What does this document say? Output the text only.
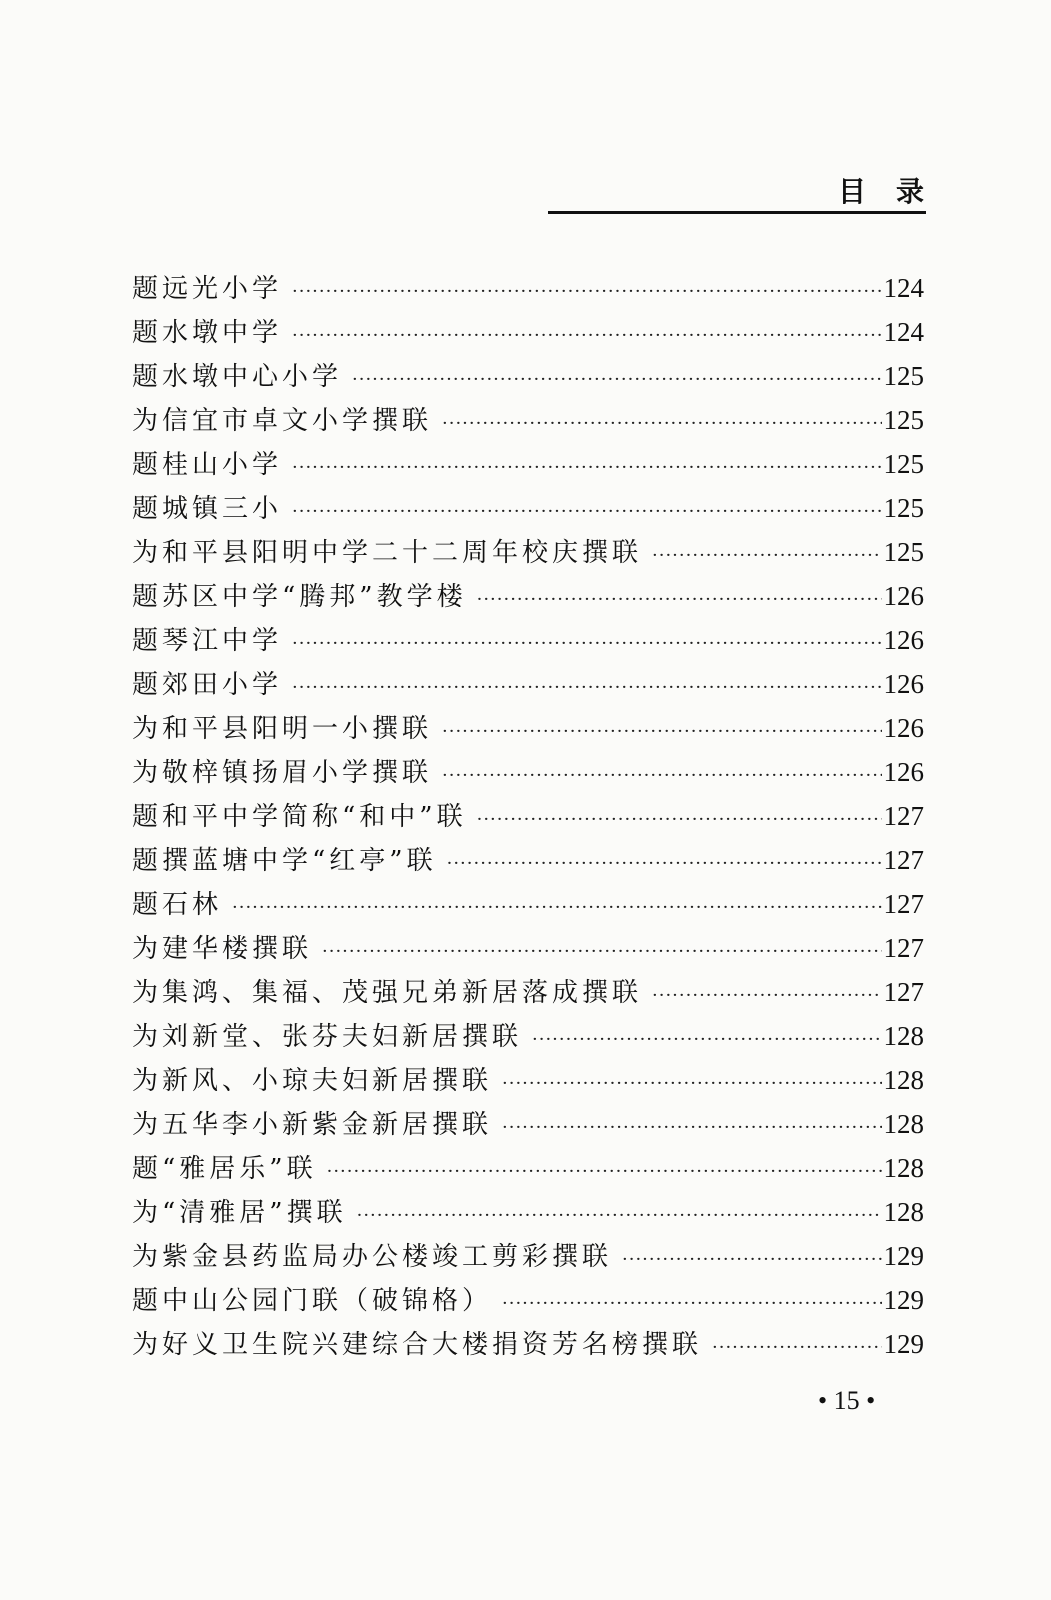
目录
题远光小学 ·····	124
题水墩中学 ·····	124
题水墩中心小学 ·····	125
为信宜市卓文小学撰联 ·····	125
题桂山小学 ·····	125
题城镇三小 ·····	125
为和平县阳明中学二十二周年校庆撰联 ·····	125
题苏区中学“腾邦”教学楼 ·····	126
题琴江中学 ·····	126
题郊田小学 ·····	126
为和平县阳明一小撰联 ·····	126
为敬梓镇扬眉小学撰联 ·····	126
题和平中学简称“和中”联 ·····	127
题撰蓝塘中学“红亭”联 ·····	127
题石林 ·····	127
为建华楼撰联 ·····	127
为集鸿、集福、茂强兄弟新居落成撰联 ·····	127
为刘新堂、张芬夫妇新居撰联 ·····	128
为新风、小琼夫妇新居撰联 ·····	128
为五华李小新紫金新居撰联 ·····	128
题“雅居乐”联 ·····	128
为“清雅居”撰联 ·····	128
为紫金县药监局办公楼竣工剪彩撰联 ·····	129
题中山公园门联（破锦格） ·····	129
为好义卫生院兴建综合大楼捐资芳名榜撰联 ·····	129
• 15 •
